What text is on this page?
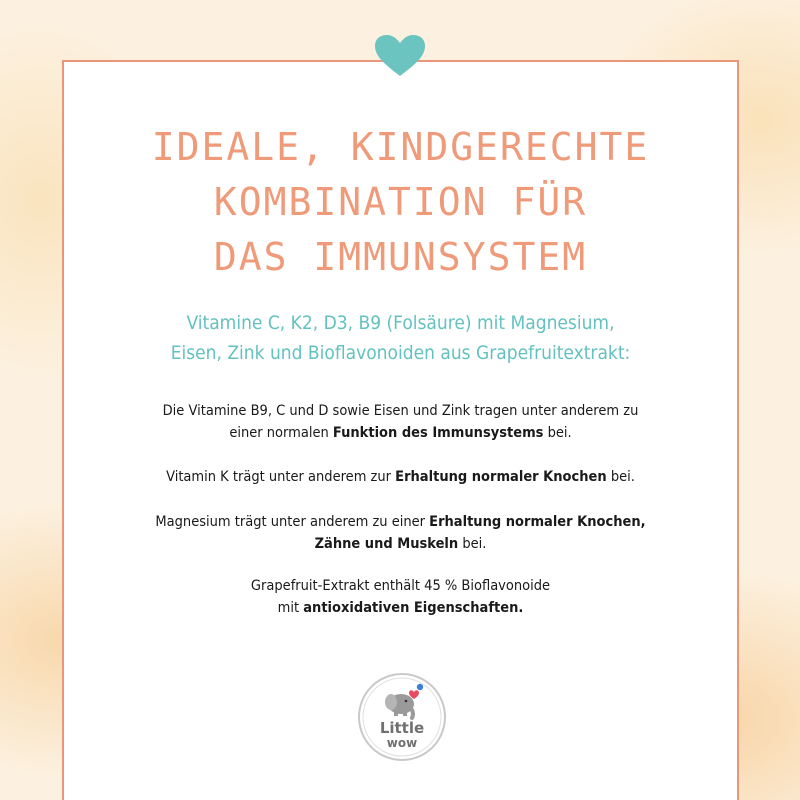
IDEALE, KINDGERECHTE
KOMBINATION FÜR
DAS IMMUNSYSTEM
Vitamine C, K2, D3, B9 (Folsäure) mit Magnesium,
Eisen, Zink und Bioflavonoiden aus Grapefruitextrakt:
Die Vitamine B9, C und D sowie Eisen und Zink tragen unter anderem zu
einer normalen Funktion des Immunsystems bei.
Vitamin K trägt unter anderem zur Erhaltung normaler Knochen bei.
Magnesium trägt unter anderem zu einer Erhaltung normaler Knochen,
Zähne und Muskeln bei.
Grapefruit-Extrakt enthält 45 % Bioflavonoide
mit antioxidativen Eigenschaften.
Little
wow
